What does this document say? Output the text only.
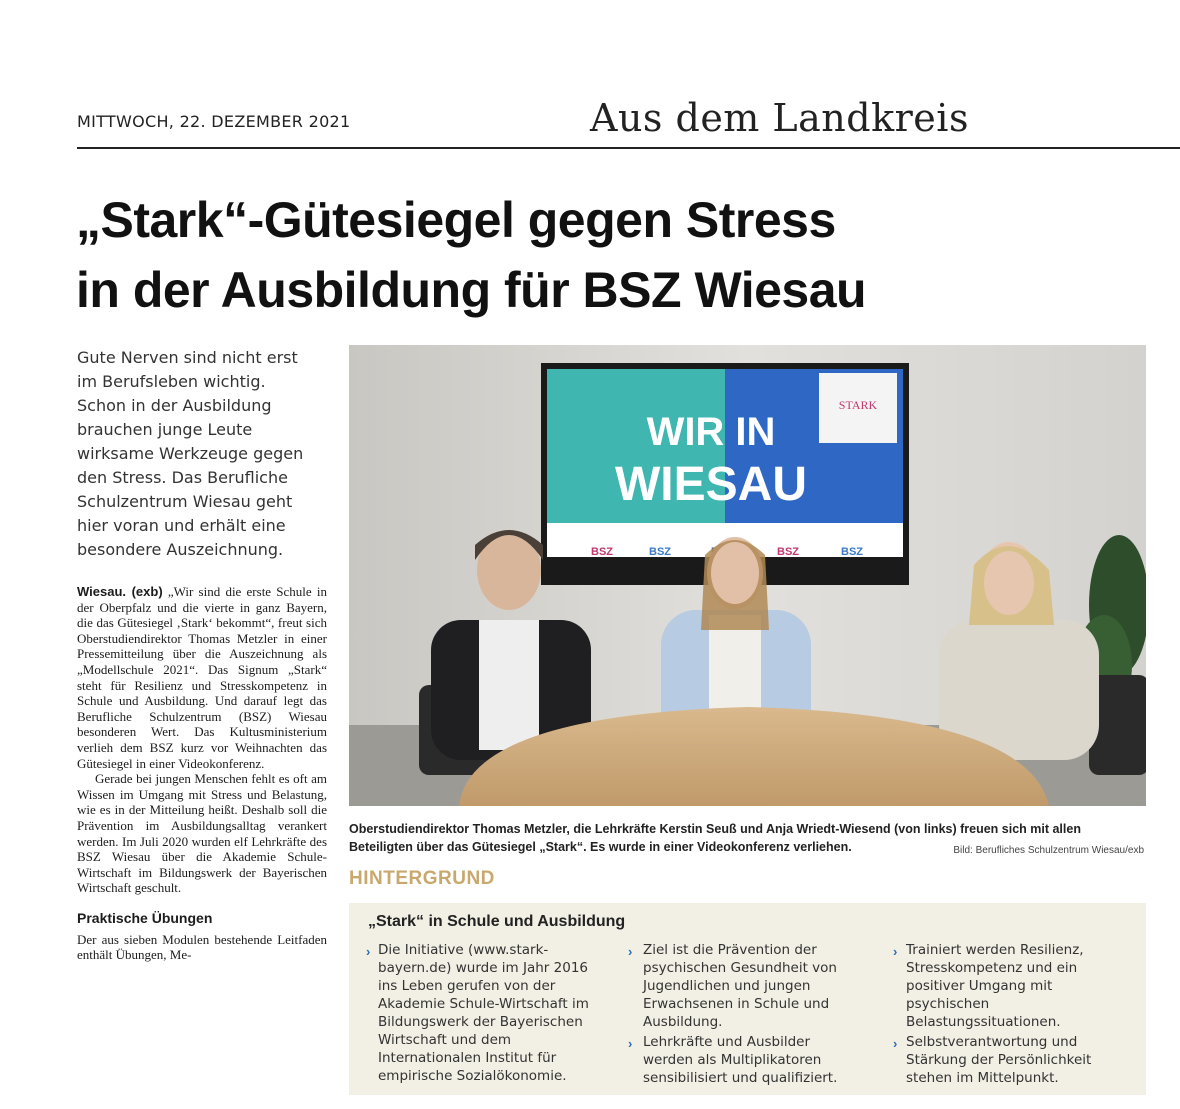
MITTWOCH, 22. DEZEMBER 2021	Aus dem Landkreis
„Stark“-Gütesiegel gegen Stress
in der Ausbildung für BSZ Wiesau
Gute Nerven sind nicht erst im Berufsleben wichtig. Schon in der Ausbildung brauchen junge Leute wirksame Werkzeuge gegen den Stress. Das Berufliche Schulzentrum Wiesau geht hier voran und erhält eine besondere Auszeichnung.

Wiesau. (exb) „Wir sind die erste Schule in der Oberpfalz und die vierte in ganz Bayern, die das Gütesiegel ‚Stark‘ bekommt“, freut sich Oberstudiendirektor Thomas Metzler in einer Pressemitteilung über die Auszeichnung als „Modellschule 2021“. Das Signum „Stark“ steht für Resilienz und Stresskompetenz in Schule und Ausbildung. Und darauf legt das Berufliche Schulzentrum (BSZ) Wiesau besonderen Wert. Das Kultusministerium verlieh dem BSZ kurz vor Weihnachten das Gütesiegel in einer Videokonferenz.

Gerade bei jungen Menschen fehlt es oft am Wissen im Umgang mit Stress und Belastung, wie es in der Mitteilung heißt. Deshalb soll die Prävention im Ausbildungsalltag verankert werden. Im Juli 2020 wurden elf Lehrkräfte des BSZ Wiesau über die Akademie Schule-Wirtschaft im Bildungswerk der Bayerischen Wirtschaft geschult.

Praktische Übungen

Der aus sieben Modulen bestehende Leitfaden enthält Übungen, Me-

STARK
WIR IN
WIESAU
BSZ	BSZ	BSZ	BSZ
Oberstudiendirektor Thomas Metzler, die Lehrkräfte Kerstin Seuß und Anja Wriedt-Wiesend (von links) freuen sich mit allen Beteiligten über das Gütesiegel „Stark“. Es wurde in einer Videokonferenz verliehen.	Bild: Berufliches Schulzentrum Wiesau/exb
HINTERGRUND
„Stark“ in Schule und Ausbildung
› Die Initiative (www.stark-bayern.de) wurde im Jahr 2016 ins Leben gerufen von der Akademie Schule-Wirtschaft im Bildungswerk der Bayerischen Wirtschaft und dem Internationalen Institut für empirische Sozialökonomie.

› Ziel ist die Prävention der psychischen Gesundheit von Jugendlichen und jungen Erwachsenen in Schule und Ausbildung.

› Lehrkräfte und Ausbilder werden als Multiplikatoren sensibilisiert und qualifiziert.

› Trainiert werden Resilienz, Stresskompetenz und ein positiver Umgang mit psychischen Belastungssituationen.

› Selbstverantwortung und Stärkung der Persönlichkeit stehen im Mittelpunkt.
